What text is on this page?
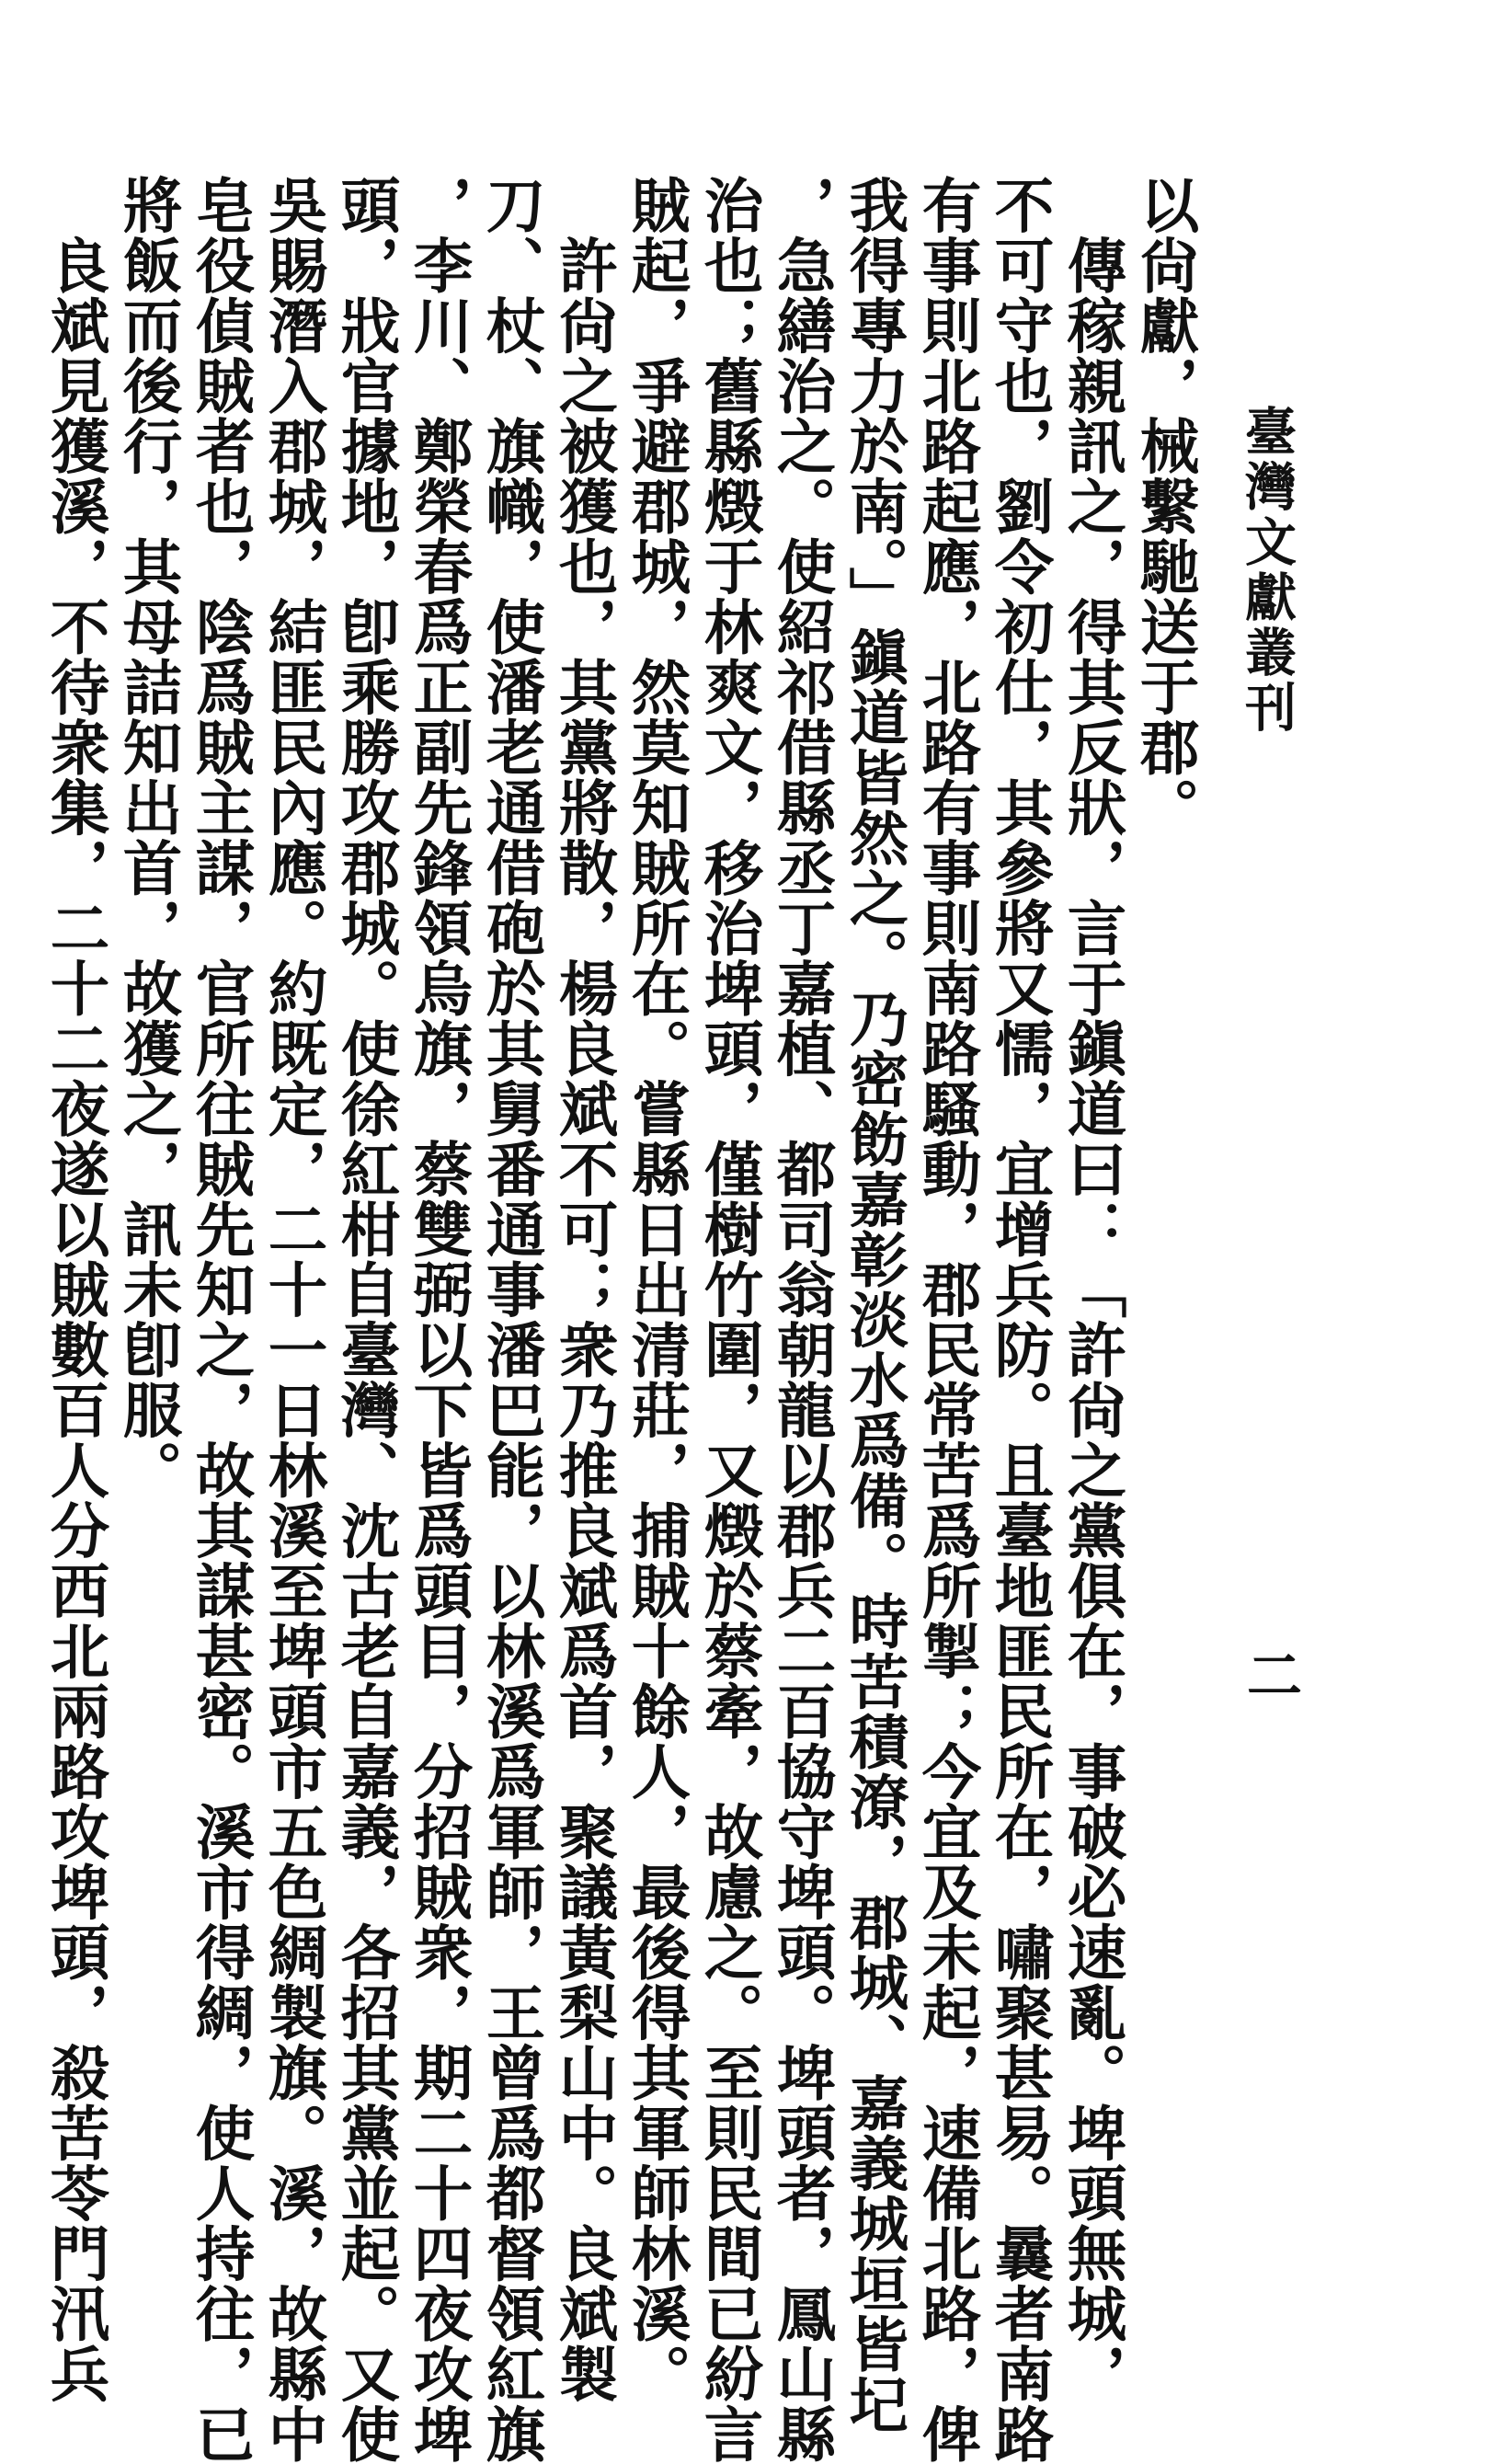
臺灣文獻叢刊
二

以尙獻，械繫馳送于郡。

　傳稼親訊之，得其反狀，言于鎭道曰：「許尙之黨俱在，事破必速亂。埤頭無城，

不可守也，劉令初仕，其參將又懦，宜增兵防。且臺地匪民所在，嘯聚甚易。曩者南路

有事則北路起應，北路有事則南路騷動，郡民常苦爲所掣；今宜及未起，速備北路，俾

我得專力於南。」鎭道皆然之。乃密飭嘉彰淡水爲備。時苦積潦，郡城、嘉義城垣皆圮

，急繕治之。使紹祁借縣丞丁嘉植、都司翁朝龍以郡兵二百協守埤頭。埤頭者，鳳山縣

治也；舊縣燬于林爽文，移治埤頭，僅樹竹圍，又燬於蔡牽，故慮之。至則民間已紛言

賊起，爭避郡城，然莫知賊所在。嘗縣日出清莊，捕賊十餘人，最後得其軍師林溪。

　許尙之被獲也，其黨將散，楊良斌不可；衆乃推良斌爲首，聚議黃梨山中。良斌製

刀、杖、旗幟，使潘老通借砲於其舅番通事潘巴能，以林溪爲軍師，王曾爲都督領紅旗

，李川、鄭榮春爲正副先鋒領烏旗，蔡雙弼以下皆爲頭目，分招賊衆，期二十四夜攻埤

頭，戕官據地，卽乘勝攻郡城。使徐紅柑自臺灣、沈古老自嘉義，各招其黨並起。又使

吳賜潛入郡城，結匪民內應。約既定，二十一日林溪至埤頭市五色綢製旗。溪，故縣中

皂役偵賊者也，陰爲賊主謀，官所往賊先知之，故其謀甚密。溪市得綢，使人持往，已

將飯而後行，其母詰知出首，故獲之，訊未卽服。

　良斌見獲溪，不待衆集，二十二夜遂以賊數百人分西北兩路攻埤頭，殺苦苓門汛兵
